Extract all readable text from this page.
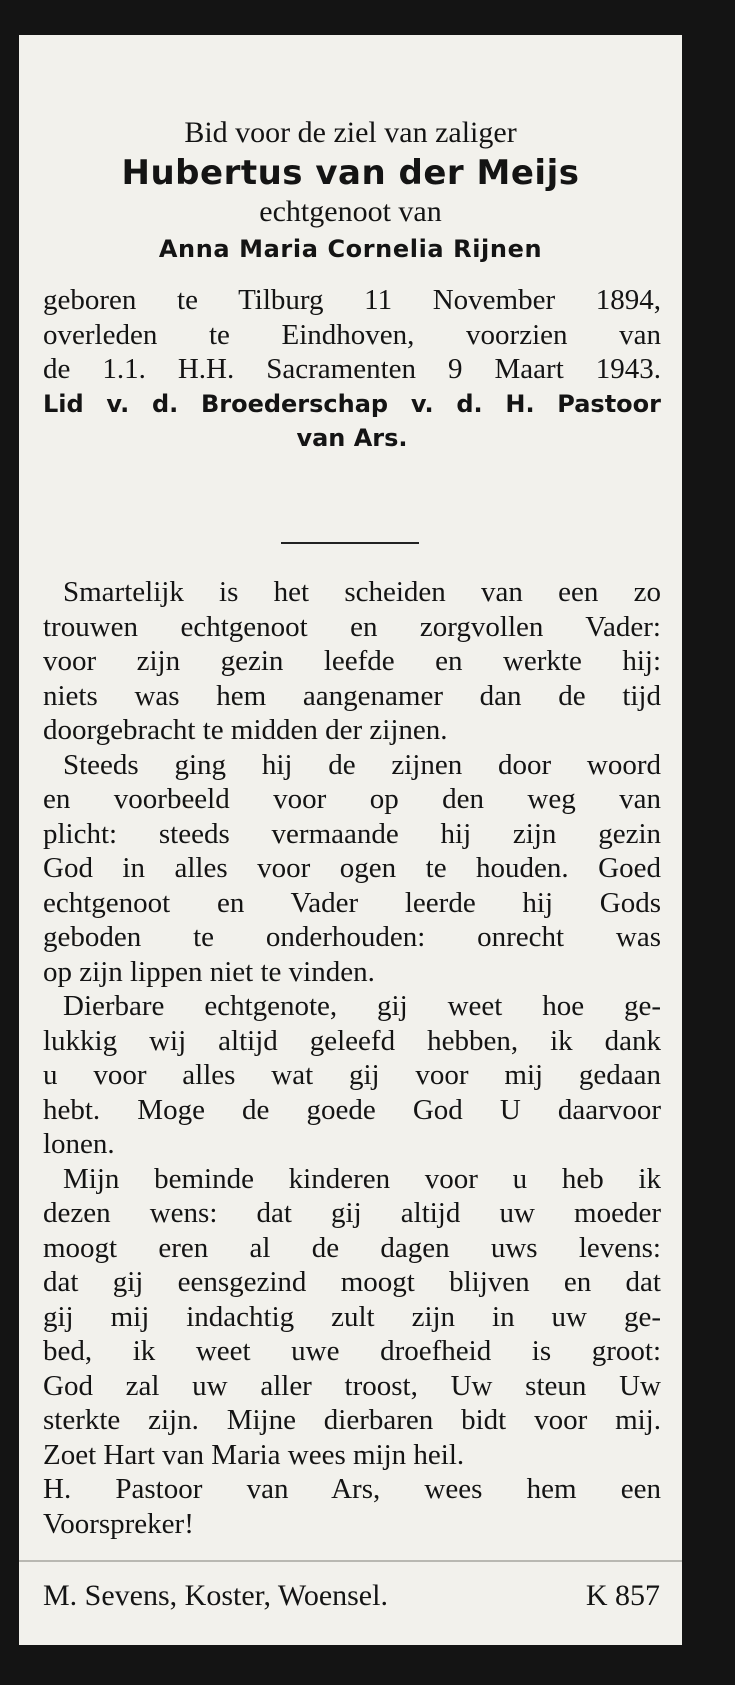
Bid voor de ziel van zaliger
Hubertus van der Meijs
echtgenoot van
Anna Maria Cornelia Rijnen
geboren te Tilburg 11 November 1894,
overleden te Eindhoven, voorzien van
de 1.1. H.H. Sacramenten 9 Maart 1943.
Lid v. d. Broederschap v. d. H. Pastoor
van Ars.
Smartelijk is het scheiden van een zo
trouwen echtgenoot en zorgvollen Vader:
voor zijn gezin leefde en werkte hij:
niets was hem aangenamer dan de tijd
doorgebracht te midden der zijnen.
Steeds ging hij de zijnen door woord
en voorbeeld voor op den weg van
plicht: steeds vermaande hij zijn gezin
God in alles voor ogen te houden. Goed
echtgenoot en Vader leerde hij Gods
geboden te onderhouden: onrecht was
op zijn lippen niet te vinden.
Dierbare echtgenote, gij weet hoe ge-
lukkig wij altijd geleefd hebben, ik dank
u voor alles wat gij voor mij gedaan
hebt. Moge de goede God U daarvoor
lonen.
Mijn beminde kinderen voor u heb ik
dezen wens: dat gij altijd uw moeder
moogt eren al de dagen uws levens:
dat gij eensgezind moogt blijven en dat
gij mij indachtig zult zijn in uw ge-
bed, ik weet uwe droefheid is groot:
God zal uw aller troost, Uw steun Uw
sterkte zijn. Mijne dierbaren bidt voor mij.
Zoet Hart van Maria wees mijn heil.
H. Pastoor van Ars, wees hem een
Voorspreker!
M. Sevens, Koster, Woensel.	K 857
